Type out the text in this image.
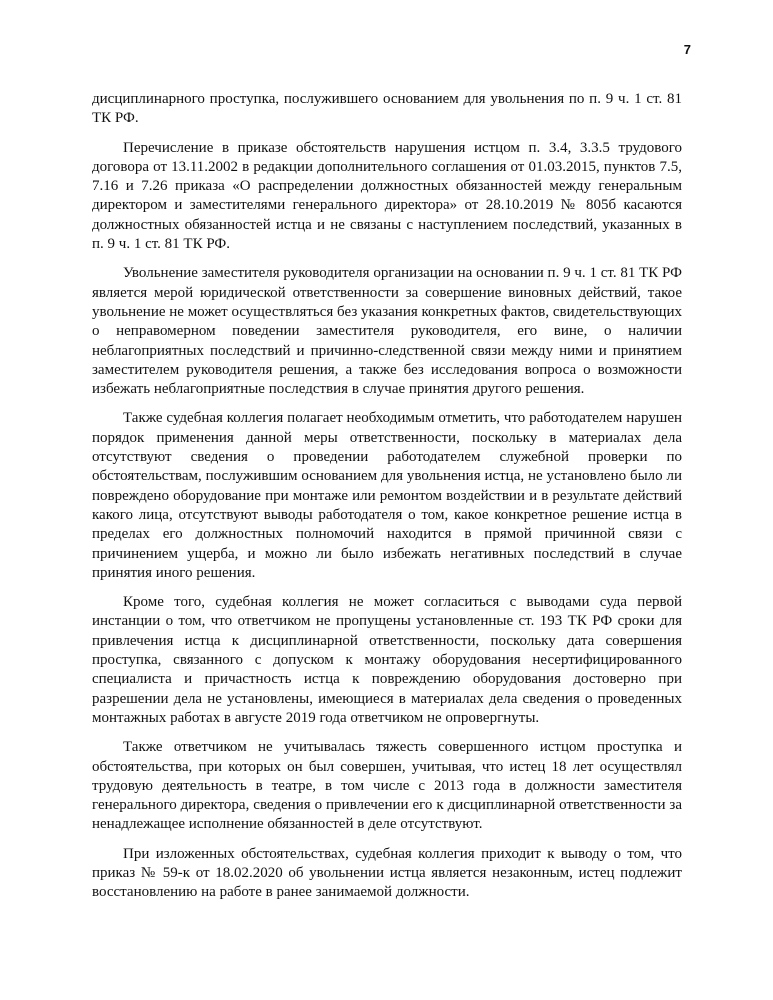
7

дисциплинарного проступка, послужившего основанием для увольнения по п. 9 ч. 1 ст. 81 ТК РФ.

Перечисление в приказе обстоятельств нарушения истцом п. 3.4, 3.3.5 трудового договора от 13.11.2002 в редакции дополнительного соглашения от 01.03.2015, пунктов 7.5, 7.16 и 7.26 приказа «О распределении должностных обязанностей между генеральным директором и заместителями генерального директора» от 28.10.2019 № 805б касаются должностных обязанностей истца и не связаны с наступлением последствий, указанных в п. 9 ч. 1 ст. 81 ТК РФ.

Увольнение заместителя руководителя организации на основании п. 9 ч. 1 ст. 81 ТК РФ является мерой юридической ответственности за совершение виновных действий, такое увольнение не может осуществляться без указания конкретных фактов, свидетельствующих о неправомерном поведении заместителя руководителя, его вине, о наличии неблагоприятных последствий и причинно-следственной связи между ними и принятием заместителем руководителя решения, а также без исследования вопроса о возможности избежать неблагоприятные последствия в случае принятия другого решения.

Также судебная коллегия полагает необходимым отметить, что работодателем нарушен порядок применения данной меры ответственности, поскольку в материалах дела отсутствуют сведения о проведении работодателем служебной проверки по обстоятельствам, послужившим основанием для увольнения истца, не установлено было ли повреждено оборудование при монтаже или ремонтом воздействии и в результате действий какого лица, отсутствуют выводы работодателя о том, какое конкретное решение истца в пределах его должностных полномочий находится в прямой причинной связи с причинением ущерба, и можно ли было избежать негативных последствий в случае принятия иного решения.

Кроме того, судебная коллегия не может согласиться с выводами суда первой инстанции о том, что ответчиком не пропущены установленные ст. 193 ТК РФ сроки для привлечения истца к дисциплинарной ответственности, поскольку дата совершения проступка, связанного с допуском к монтажу оборудования несертифицированного специалиста и причастность истца к повреждению оборудования достоверно при разрешении дела не установлены, имеющиеся в материалах дела сведения о проведенных монтажных работах в августе 2019 года ответчиком не опровергнуты.

Также ответчиком не учитывалась тяжесть совершенного истцом проступка и обстоятельства, при которых он был совершен, учитывая, что истец 18 лет осуществлял трудовую деятельность в театре, в том числе с 2013 года в должности заместителя генерального директора, сведения о привлечении его к дисциплинарной ответственности за ненадлежащее исполнение обязанностей в деле отсутствуют.

При изложенных обстоятельствах, судебная коллегия приходит к выводу о том, что приказ № 59-к от 18.02.2020 об увольнении истца является незаконным, истец подлежит восстановлению на работе в ранее занимаемой должности.
